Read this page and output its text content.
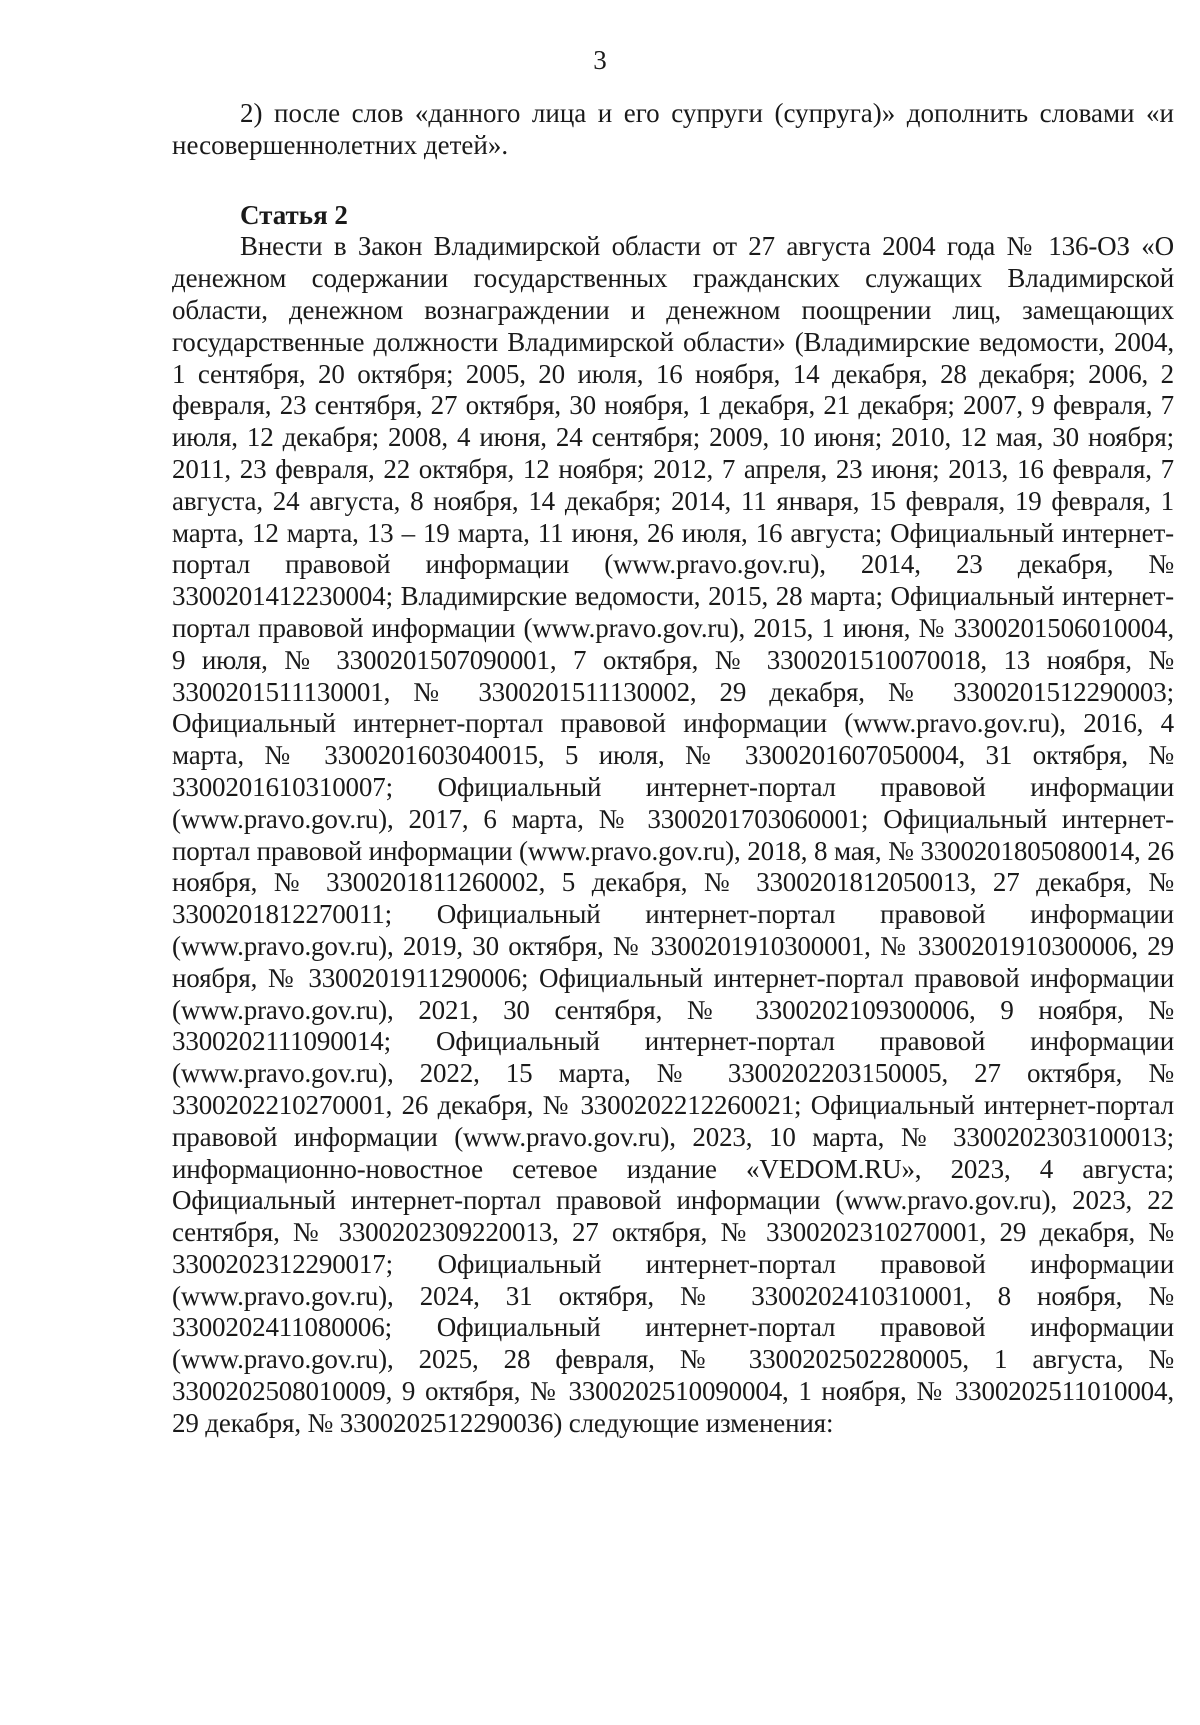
3

2) после слов «данного лица и его супруги (супруга)» дополнить словами «и несовершеннолетних детей».

Статья 2

Внести в Закон Владимирской области от 27 августа 2004 года № 136-ОЗ «О денежном содержании государственных гражданских служащих Владимирской области, денежном вознаграждении и денежном поощрении лиц, замещающих государственные должности Владимирской области» (Владимирские ведомости, 2004, 1 сентября, 20 октября; 2005, 20 июля, 16 ноября, 14 декабря, 28 декабря; 2006, 2 февраля, 23 сентября, 27 октября, 30 ноября, 1 декабря, 21 декабря; 2007, 9 февраля, 7 июля, 12 декабря; 2008, 4 июня, 24 сентября; 2009, 10 июня; 2010, 12 мая, 30 ноября; 2011, 23 февраля, 22 октября, 12 ноября; 2012, 7 апреля, 23 июня; 2013, 16 февраля, 7 августа, 24 августа, 8 ноября, 14 декабря; 2014, 11 января, 15 февраля, 19 февраля, 1 марта, 12 марта, 13 – 19 марта, 11 июня, 26 июля, 16 августа; Официальный интернет-портал правовой информации (www.pravo.gov.ru), 2014, 23 декабря, № 3300201412230004; Владимирские ведомости, 2015, 28 марта; Официальный интернет-портал правовой информации (www.pravo.gov.ru), 2015, 1 июня, № 3300201506010004, 9 июля, № 3300201507090001, 7 октября, № 3300201510070018, 13 ноября, № 3300201511130001, № 3300201511130002, 29 декабря, № 3300201512290003; Официальный интернет-портал правовой информации (www.pravo.gov.ru), 2016, 4 марта, № 3300201603040015, 5 июля, № 3300201607050004, 31 октября, № 3300201610310007; Официальный интернет-портал правовой информации (www.pravo.gov.ru), 2017, 6 марта, № 3300201703060001; Официальный интернет-портал правовой информации (www.pravo.gov.ru), 2018, 8 мая, № 3300201805080014, 26 ноября, № 3300201811260002, 5 декабря, № 3300201812050013, 27 декабря, № 3300201812270011; Официальный интернет-портал правовой информации (www.pravo.gov.ru), 2019, 30 октября, № 3300201910300001, № 3300201910300006, 29 ноября, № 3300201911290006; Официальный интернет-портал правовой информации (www.pravo.gov.ru), 2021, 30 сентября, № 3300202109300006, 9 ноября, № 3300202111090014; Официальный интернет-портал правовой информации (www.pravo.gov.ru), 2022, 15 марта, № 3300202203150005, 27 октября, № 3300202210270001, 26 декабря, № 3300202212260021; Официальный интернет-портал правовой информации (www.pravo.gov.ru), 2023, 10 марта, № 3300202303100013; информационно-новостное сетевое издание «VEDOM.RU», 2023, 4 августа; Официальный интернет-портал правовой информации (www.pravo.gov.ru), 2023, 22 сентября, № 3300202309220013, 27 октября, № 3300202310270001, 29 декабря, № 3300202312290017; Официальный интернет-портал правовой информации (www.pravo.gov.ru), 2024, 31 октября, № 3300202410310001, 8 ноября, № 3300202411080006; Официальный интернет-портал правовой информации (www.pravo.gov.ru), 2025, 28 февраля, № 3300202502280005, 1 августа, № 3300202508010009, 9 октября, № 3300202510090004, 1 ноября, № 3300202511010004, 29 декабря, № 3300202512290036) следующие изменения:
